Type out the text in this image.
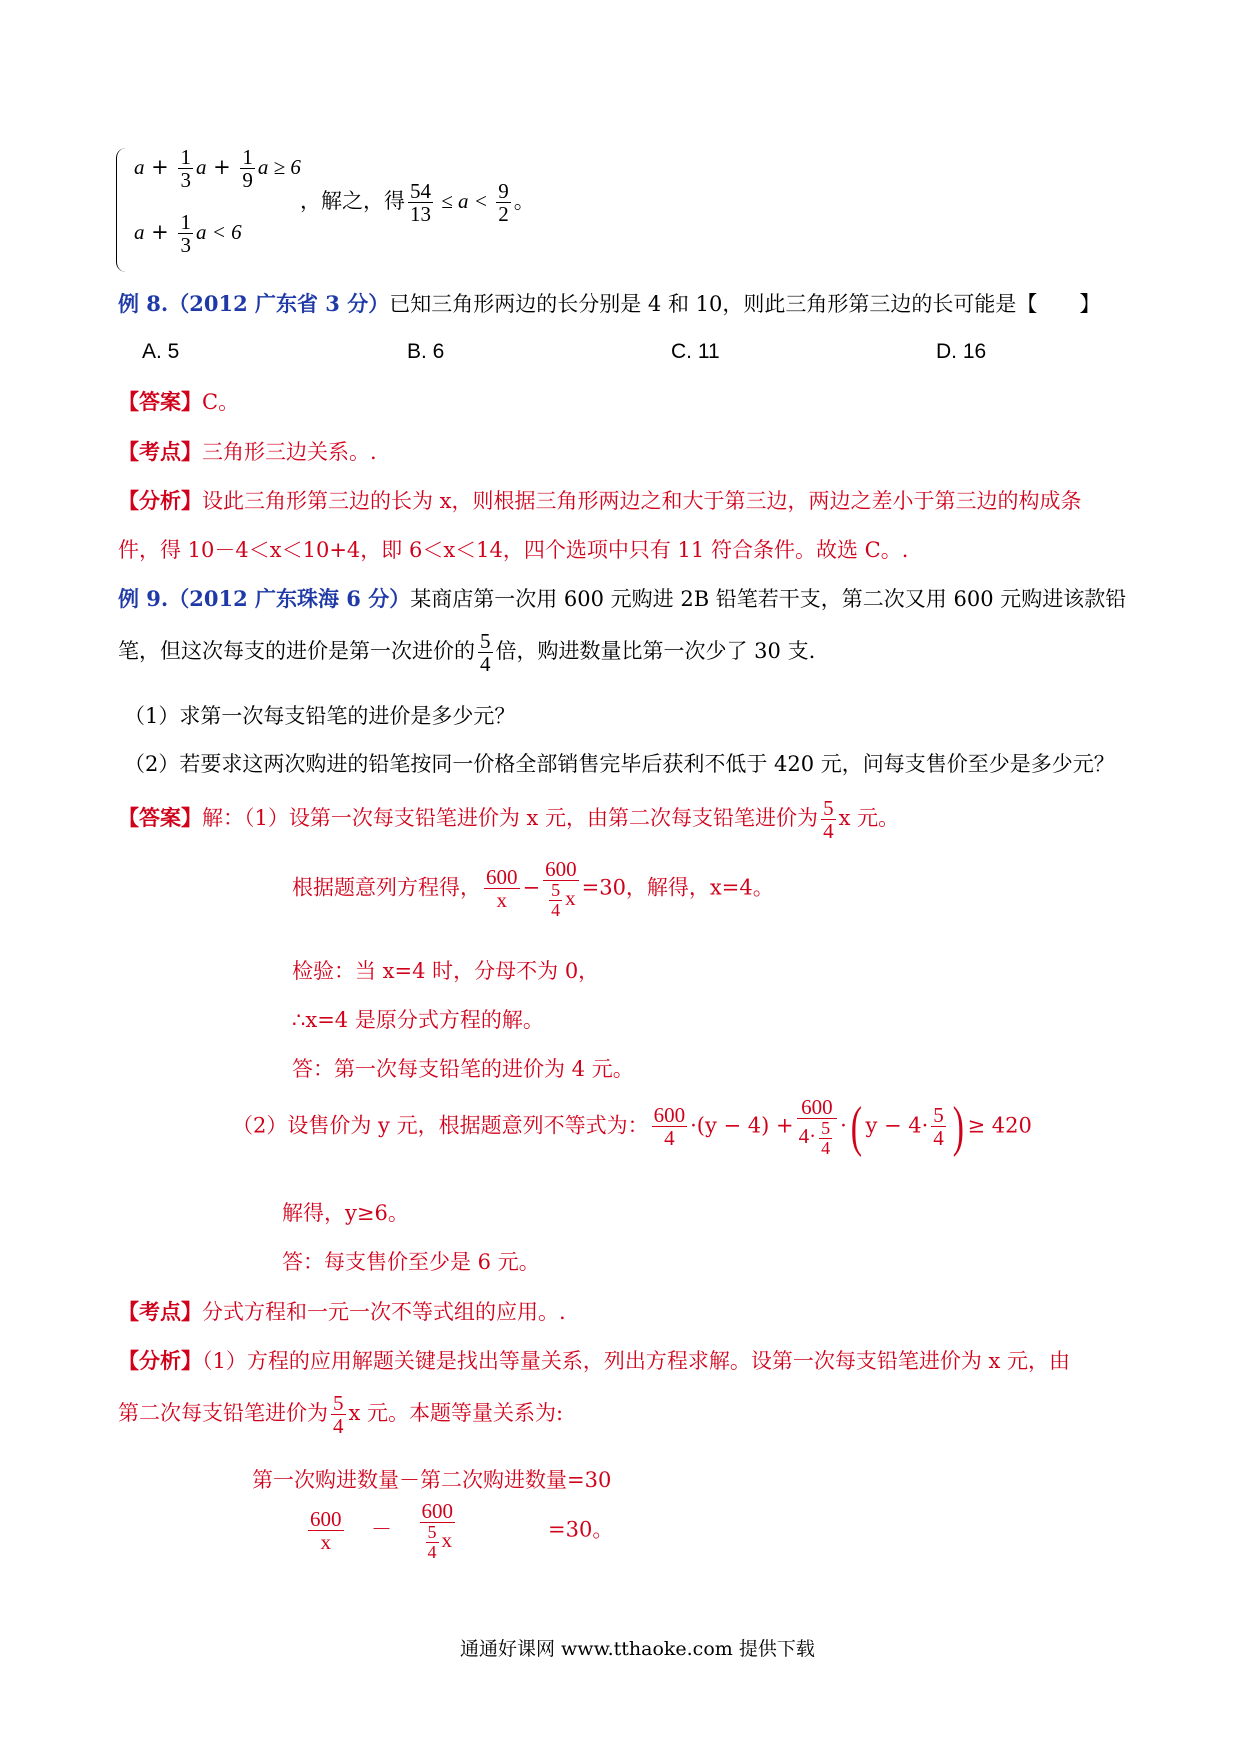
$a + \frac{1}{3}$ $a + \frac{1}{9}$ a ≥ 6
$a + \frac{1}{3}$ a < 6
，解之，得 $\frac{54}{13} \le a < \frac{9}{2}$ 。
例 8.（2012 广东省 3 分）已知三角形两边的长分别是 4 和 10，则此三角形第三边的长可能是【　　】
A. 5	B. 6	C. 11	D. 16
【答案】C。
【考点】三角形三边关系。.
【分析】设此三角形第三边的长为 x，则根据三角形两边之和大于第三边，两边之差小于第三边的构成条
件，得 10－4＜x＜10+4，即 6＜x＜14，四个选项中只有 11 符合条件。故选 C。.
例 9.（2012 广东珠海 6 分）某商店第一次用 600 元购进 2B 铅笔若干支，第二次又用 600 元购进该款铅
笔，但这次每支的进价是第一次进价的 $\frac{5}{4}$ 倍，购进数量比第一次少了 30 支.
（1）求第一次每支铅笔的进价是多少元？
（2）若要求这两次购进的铅笔按同一价格全部销售完毕后获利不低于 420 元，问每支售价至少是多少元？
【答案】解：（1）设第一次每支铅笔进价为 x 元，由第二次每支铅笔进价为 $\frac{5}{4}$ x 元。
根据题意列方程得， $\frac{600}{x} - \frac{600}{\frac{5}{4} x} =30$，解得，x=4。
检验：当 x=4 时，分母不为 0，
∴x=4 是原分式方程的解。
答：第一次每支铅笔的进价为 4 元。
（2）设售价为 y 元，根据题意列不等式为： $\frac{600}{4} \cdot(y - 4) + \frac{600}{4\cdot \frac{5}{4}}$ ·( $y - 4\cdot \frac{5}{4}$ ) ≥ 420
解得，y≥6。
答：每支售价至少是 6 元。
【考点】分式方程和一元一次不等式组的应用。.
【分析】（1）方程的应用解题关键是找出等量关系，列出方程求解。设第一次每支铅笔进价为 x 元，由
第二次每支铅笔进价为 $\frac{5}{4}$ x 元。本题等量关系为:
第一次购进数量－第二次购进数量=30
$\frac{600}{x} - \frac{600}{\frac{5}{4} x}$	=30。
通通好课网 www.tthaoke.com 提供下载
